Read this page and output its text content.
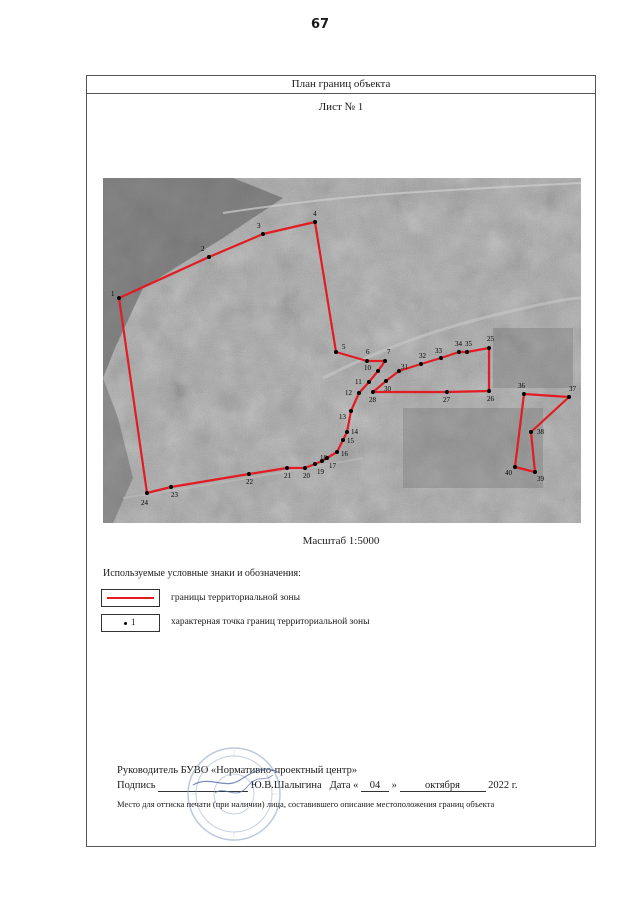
67
План границ объекта
Лист № 1
1
2
3
4
5
6	7
10
11
12
13
14
15
16
17
18
19
20
21
22
23
24
25
26
27
28
30
31
32
33
34 35
36	37
38
39
40
Масштаб 1:5000
Используемые условные знаки и обозначения:
границы территориальной зоны
1	характерная точка границ территориальной зоны
Руководитель БУВО «Нормативно-проектный центр»
Подпись	Ю.В.Шалыгина Дата « 04 »	октября	2022 г.
Место для оттиска печати (при наличии) лица, составившего описание местоположения границ объекта
